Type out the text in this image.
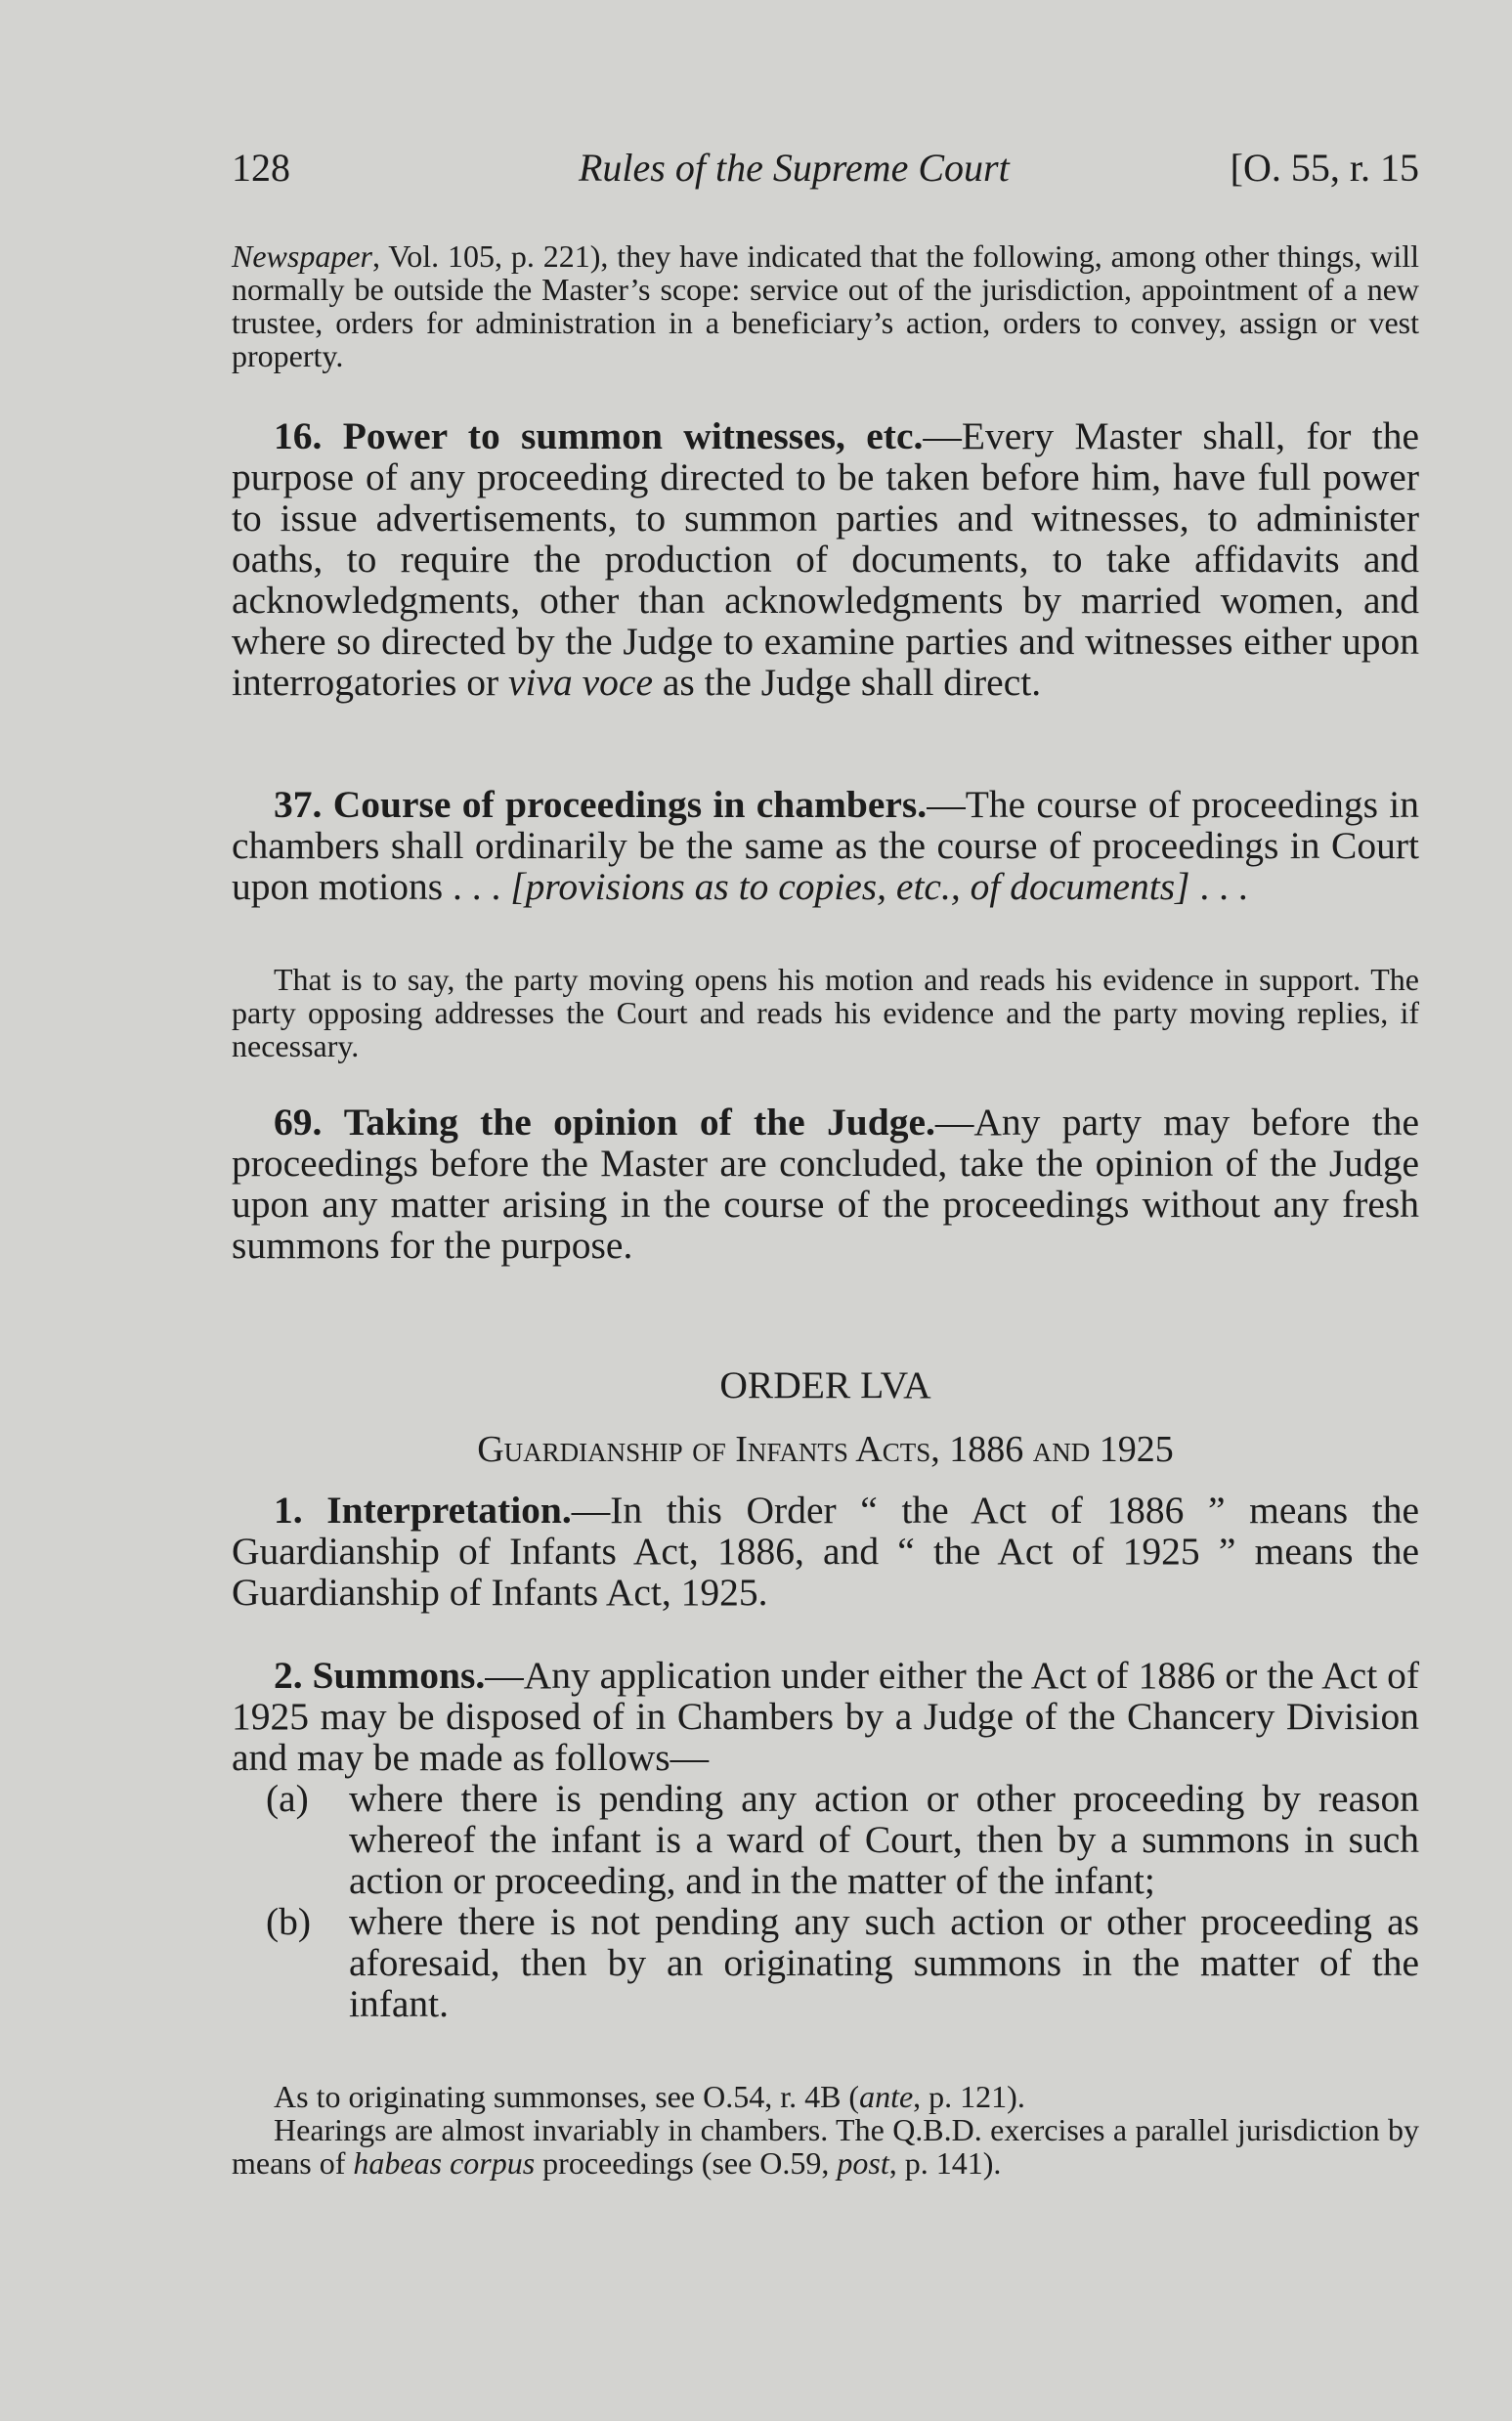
128	Rules of the Supreme Court	[O. 55, r. 15

Newspaper, Vol. 105, p. 221), they have indicated that the following, among other things, will normally be outside the Master’s scope: service out of the jurisdiction, appointment of a new trustee, orders for administration in a beneficiary’s action, orders to convey, assign or vest property.

16. Power to summon witnesses, etc.—Every Master shall, for the purpose of any proceeding directed to be taken before him, have full power to issue advertisements, to summon parties and witnesses, to administer oaths, to require the production of documents, to take affidavits and acknowledgments, other than acknowledgments by married women, and where so directed by the Judge to examine parties and witnesses either upon interrogatories or viva voce as the Judge shall direct.

37. Course of proceedings in chambers.—The course of proceedings in chambers shall ordinarily be the same as the course of proceedings in Court upon motions . . . [provisions as to copies, etc., of documents] . . .

That is to say, the party moving opens his motion and reads his evidence in support. The party opposing addresses the Court and reads his evidence and the party moving replies, if necessary.

69. Taking the opinion of the Judge.—Any party may before the proceedings before the Master are concluded, take the opinion of the Judge upon any matter arising in the course of the proceedings without any fresh summons for the purpose.

ORDER LVA
Guardianship of Infants Acts, 1886 and 1925

1. Interpretation.—In this Order “ the Act of 1886 ” means the Guardianship of Infants Act, 1886, and “ the Act of 1925 ” means the Guardianship of Infants Act, 1925.

2. Summons.—Any application under either the Act of 1886 or the Act of 1925 may be disposed of in Chambers by a Judge of the Chancery Division and may be made as follows—

(a)	where there is pending any action or other proceeding by reason whereof the infant is a ward of Court, then by a summons in such action or proceeding, and in the matter of the infant;
(b) where there is not pending any such action or other proceeding as aforesaid, then by an originating summons in the matter of the infant.

As to originating summonses, see O.54, r. 4B (ante, p. 121).

Hearings are almost invariably in chambers. The Q.B.D. exercises a parallel jurisdiction by means of habeas corpus proceedings (see O.59, post, p. 141).
